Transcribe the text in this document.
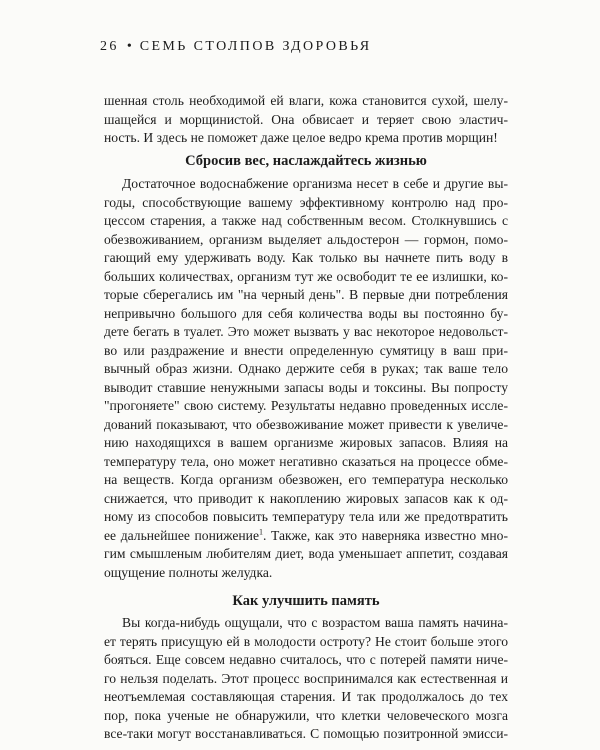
26 • СЕМЬ СТОЛПОВ ЗДОРОВЬЯ
шенная столь необходимой ей влаги, кожа становится сухой, шелу-
шащейся и морщинистой. Она обвисает и теряет свою эластич-
ность. И здесь не поможет даже целое ведро крема против морщин!
Сбросив вес, наслаждайтесь жизнью
Достаточное водоснабжение организма несет в себе и другие вы-
годы, способствующие вашему эффективному контролю над про-
цессом старения, а также над собственным весом. Столкнувшись с
обезвоживанием, организм выделяет альдостерон — гормон, помо-
гающий ему удерживать воду. Как только вы начнете пить воду в
больших количествах, организм тут же освободит те ее излишки, ко-
торые сберегались им "на черный день". В первые дни потребления
непривычно большого для себя количества воды вы постоянно бу-
дете бегать в туалет. Это может вызвать у вас некоторое недовольст-
во или раздражение и внести определенную сумятицу в ваш при-
вычный образ жизни. Однако держите себя в руках; так ваше тело
выводит ставшие ненужными запасы воды и токсины. Вы попросту
"прогоняете" свою систему. Результаты недавно проведенных иссле-
дований показывают, что обезвоживание может привести к увеличе-
нию находящихся в вашем организме жировых запасов. Влияя на
температуру тела, оно может негативно сказаться на процессе обме-
на веществ. Когда организм обезвожен, его температура несколько
снижается, что приводит к накоплению жировых запасов как к од-
ному из способов повысить температуру тела или же предотвратить
ее дальнейшее понижение$^1$. Также, как это наверняка известно мно-
гим смышленым любителям диет, вода уменьшает аппетит, создавая
ощущение полноты желудка.
Как улучшить память
Вы когда-нибудь ощущали, что с возрастом ваша память начина-
ет терять присущую ей в молодости остроту? Не стоит больше этого
бояться. Еще совсем недавно считалось, что с потерей памяти ниче-
го нельзя поделать. Этот процесс воспринимался как естественная и
неотъемлемая составляющая старения. И так продолжалось до тех
пор, пока ученые не обнаружили, что клетки человеческого мозга
все-таки могут восстанавливаться. С помощью позитронной эмисси-
